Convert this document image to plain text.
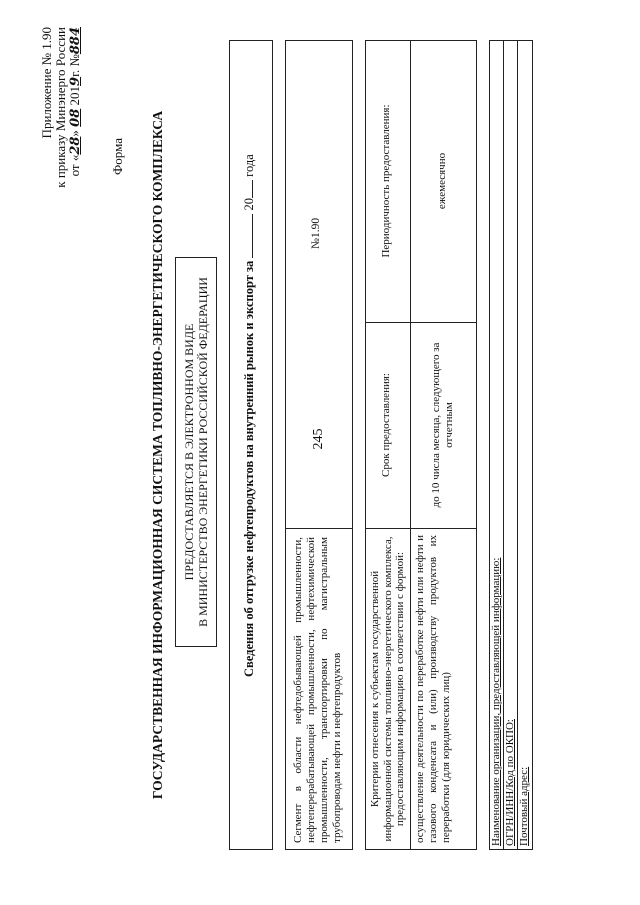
245
Приложение № 1.90 к приказу Минэнерго России от «28» 08 2019г. №884
Форма ГОСУДАРСТВЕННАЯ ИНФОРМАЦИОННАЯ СИСТЕМА ТОПЛИВНО-ЭНЕРГЕТИЧЕСКОГО КОМПЛЕКСА ПРЕДОСТАВЛЯЕТСЯ В ЭЛЕКТРОННОМ ВИДЕ В МИНИСТЕРСТВО ЭНЕРГЕТИКИ РОССИЙСКОЙ ФЕДЕРАЦИИ	Сведения об отгрузке нефтепродуктов на внутренний рынок и экспорт за  20 года
Сегмент в области нефтедобывающей промышленности, нефтеперерабатывающей промышленности, нефтехимической промышленности, транспортировки по магистральным трубопроводам нефти и нефтепродуктов
№1.90
Критерии отнесения к субъектам государственной информационной системы топливно-энергетического комплекса, предоставляющим информацию в соответствии с формой:
Срок предоставления:
Периодичность предоставления:
осуществление деятельности по переработке нефти или нефти и газового конденсата и (или) производству продуктов их переработки (для юридических лиц)
до 10 числа месяца, следующего за отчетным
ежемесячно
Наименование организации, предоставляющей информацию: ОГРН/ИНН/Код по ОКПО: Почтовый адрес:
